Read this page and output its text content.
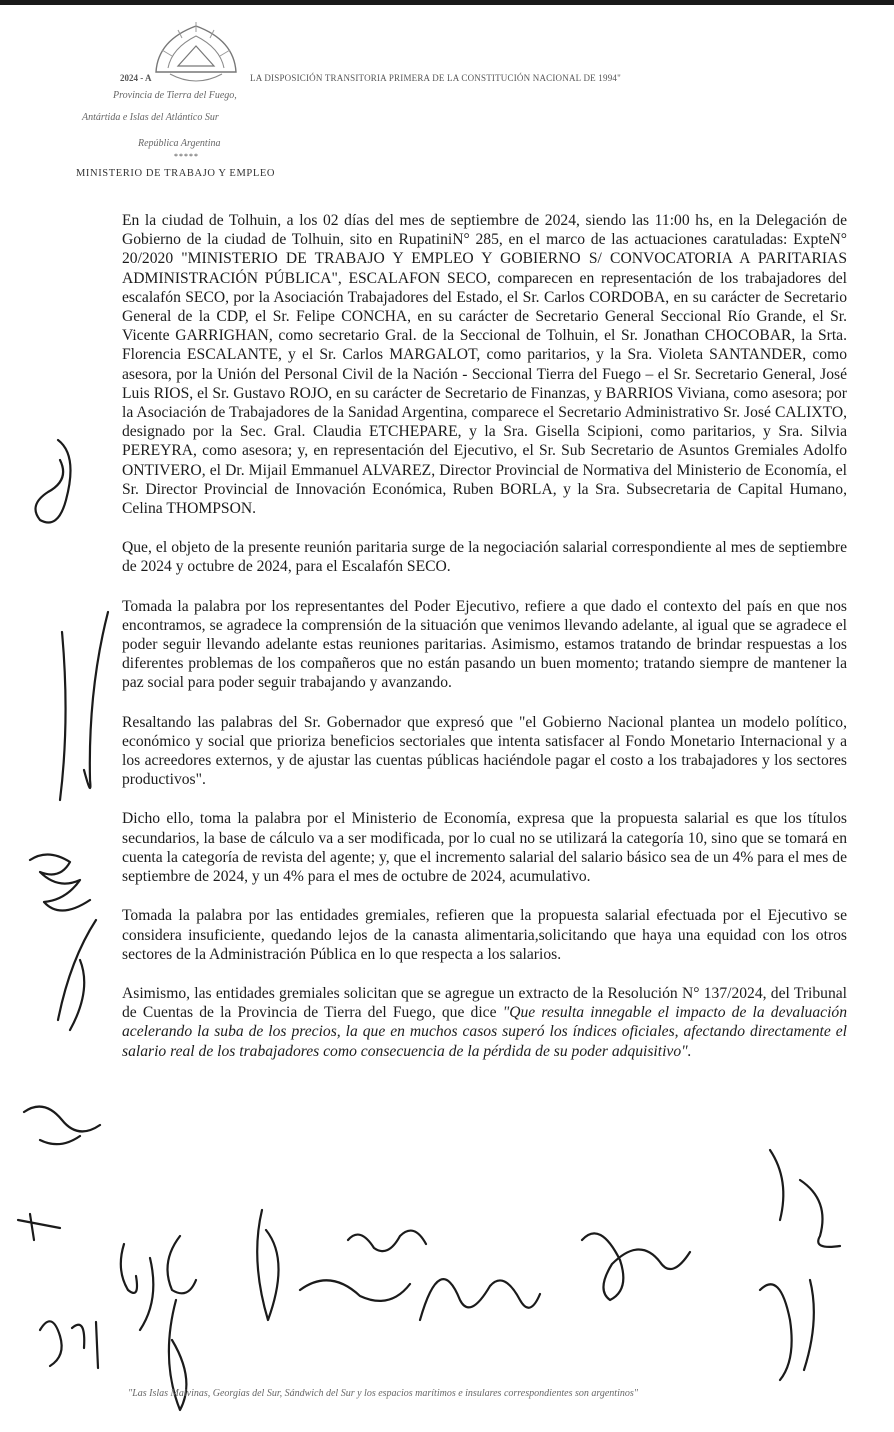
2024 - A	LA DISPOSICIÓN TRANSITORIA PRIMERA DE LA CONSTITUCIÓN NACIONAL DE 1994"
Provincia de Tierra del Fuego,
Antártida e Islas del Atlántico Sur
República Argentina
*****
MINISTERIO DE TRABAJO Y EMPLEO

En la ciudad de Tolhuin, a los 02 días del mes de septiembre de 2024, siendo las 11:00 hs, en la Delegación de Gobierno de la ciudad de Tolhuin, sito en RupatiniN° 285, en el marco de las actuaciones caratuladas: ExpteN° 20/2020 "MINISTERIO DE TRABAJO Y EMPLEO Y GOBIERNO S/ CONVOCATORIA A PARITARIAS ADMINISTRACIÓN PÚBLICA", ESCALAFON SECO, comparecen en representación de los trabajadores del escalafón SECO, por la Asociación Trabajadores del Estado, el Sr. Carlos CORDOBA, en su carácter de Secretario General de la CDP, el Sr. Felipe CONCHA, en su carácter de Secretario General Seccional Río Grande, el Sr. Vicente GARRIGHAN, como secretario Gral. de la Seccional de Tolhuin, el Sr. Jonathan CHOCOBAR, la Srta. Florencia ESCALANTE, y el Sr. Carlos MARGALOT, como paritarios, y la Sra. Violeta SANTANDER, como asesora, por la Unión del Personal Civil de la Nación - Seccional Tierra del Fuego – el Sr. Secretario General, José Luis RIOS, el Sr. Gustavo ROJO, en su carácter de Secretario de Finanzas, y BARRIOS Viviana, como asesora; por la Asociación de Trabajadores de la Sanidad Argentina, comparece el Secretario Administrativo Sr. José CALIXTO, designado por la Sec. Gral. Claudia ETCHEPARE, y la Sra. Gisella Scipioni, como paritarios, y Sra. Silvia PEREYRA, como asesora; y, en representación del Ejecutivo, el Sr. Sub Secretario de Asuntos Gremiales Adolfo ONTIVERO, el Dr. Mijail Emmanuel ALVAREZ, Director Provincial de Normativa del Ministerio de Economía, el Sr. Director Provincial de Innovación Económica, Ruben BORLA, y la Sra. Subsecretaria de Capital Humano, Celina THOMPSON.

Que, el objeto de la presente reunión paritaria surge de la negociación salarial correspondiente al mes de septiembre de 2024 y octubre de 2024, para el Escalafón SECO.

Tomada la palabra por los representantes del Poder Ejecutivo, refiere a que dado el contexto del país en que nos encontramos, se agradece la comprensión de la situación que venimos llevando adelante, al igual que se agradece el poder seguir llevando adelante estas reuniones paritarias. Asimismo, estamos tratando de brindar respuestas a los diferentes problemas de los compañeros que no están pasando un buen momento; tratando siempre de mantener la paz social para poder seguir trabajando y avanzando.

Resaltando las palabras del Sr. Gobernador que expresó que "el Gobierno Nacional plantea un modelo político, económico y social que prioriza beneficios sectoriales que intenta satisfacer al Fondo Monetario Internacional y a los acreedores externos, y de ajustar las cuentas públicas haciéndole pagar el costo a los trabajadores y los sectores productivos".

Dicho ello, toma la palabra por el Ministerio de Economía, expresa que la propuesta salarial es que los títulos secundarios, la base de cálculo va a ser modificada, por lo cual no se utilizará la categoría 10, sino que se tomará en cuenta la categoría de revista del agente; y, que el incremento salarial del salario básico sea de un 4% para el mes de septiembre de 2024, y un 4% para el mes de octubre de 2024, acumulativo.

Tomada la palabra por las entidades gremiales, refieren que la propuesta salarial efectuada por el Ejecutivo se considera insuficiente, quedando lejos de la canasta alimentaria,solicitando que haya una equidad con los otros sectores de la Administración Pública en lo que respecta a los salarios.

Asimismo, las entidades gremiales solicitan que se agregue un extracto de la Resolución N° 137/2024, del Tribunal de Cuentas de la Provincia de Tierra del Fuego, que dice "Que resulta innegable el impacto de la devaluación acelerando la suba de los precios, la que en muchos casos superó los índices oficiales, afectando directamente el salario real de los trabajadores como consecuencia de la pérdida de su poder adquisitivo".

"Las Islas Malvinas, Georgias del Sur, Sándwich del Sur y los espacios marítimos e insulares correspondientes son argentinos"
